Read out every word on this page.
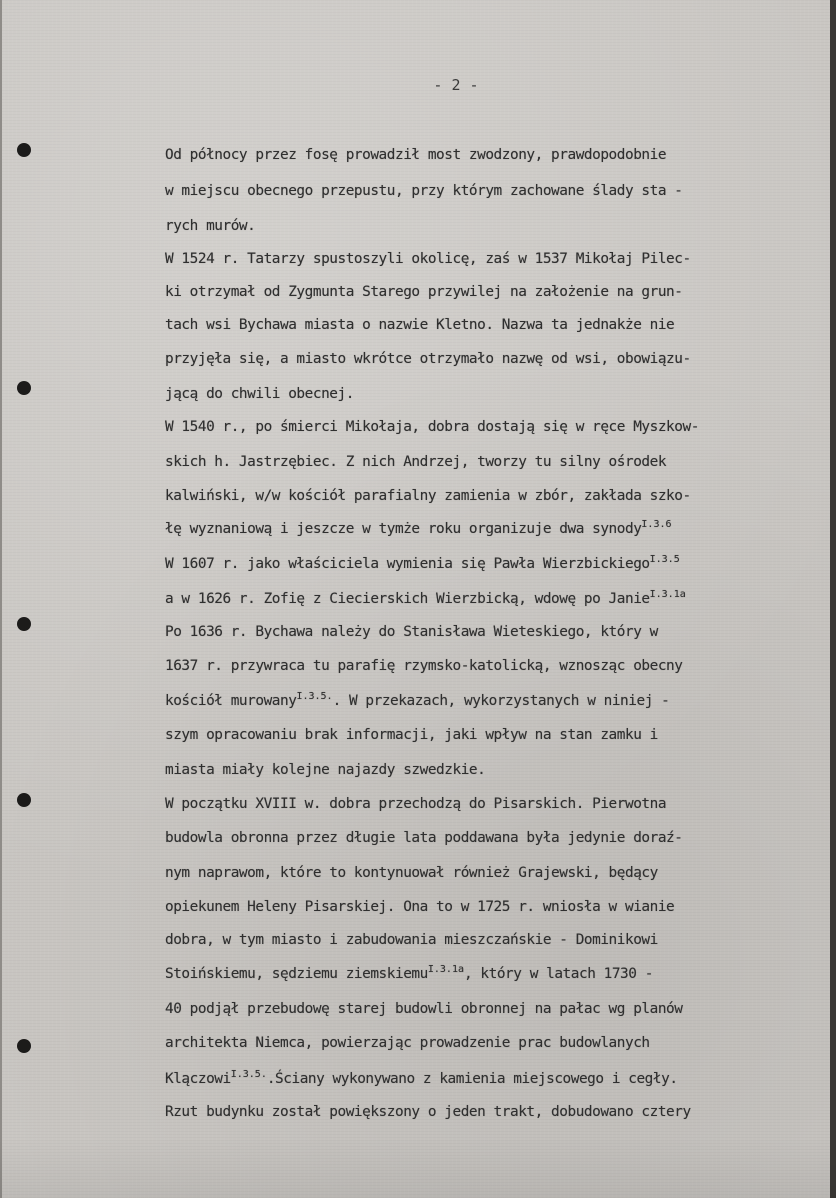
- 2 -
Od północy przez fosę prowadził most zwodzony, prawdopodobnie
w miejscu obecnego przepustu, przy którym zachowane ślady sta -
rych murów.
W 1524 r. Tatarzy spustoszyli okolicę, zaś w 1537 Mikołaj Pilec-
ki otrzymał od Zygmunta Starego przywilej na założenie na grun-
tach wsi Bychawa miasta o nazwie Kletno. Nazwa ta jednakże nie
przyjęła się, a miasto wkrótce otrzymało nazwę od wsi, obowiązu-
jącą do chwili obecnej.
W 1540 r., po śmierci Mikołaja, dobra dostają się w ręce Myszkow-
skich h. Jastrzębiec. Z nich Andrzej, tworzy tu silny ośrodek
kalwiński, w/w kościół parafialny zamienia w zbór, zakłada szko-
łę wyznaniową i jeszcze w tymże roku organizuje dwa synody$^{I.3.6}$
W 1607 r. jako właściciela wymienia się Pawła Wierzbickiego$^{I.3.5}$
a w 1626 r. Zofię z Ciecierskich Wierzbicką, wdowę po Janie$^{I.3.1a}$
Po 1636 r. Bychawa należy do Stanisława Wieteskiego, który w
1637 r. przywraca tu parafię rzymsko-katolicką, wznosząc obecny
kościół murowany$^{I.3.5.}$. W przekazach, wykorzystanych w niniej -
szym opracowaniu brak informacji, jaki wpływ na stan zamku i
miasta miały kolejne najazdy szwedzkie.
W początku XVIII w. dobra przechodzą do Pisarskich. Pierwotna
budowla obronna przez długie lata poddawana była jedynie doraź-
nym naprawom, które to kontynuował również Grajewski, będący
opiekunem Heleny Pisarskiej. Ona to w 1725 r. wniosła w wianie
dobra, w tym miasto i zabudowania mieszczańskie - Dominikowi
Stoińskiemu, sędziemu ziemskiemu$^{I.3.1a}$, który w latach 1730 -
40 podjął przebudowę starej budowli obronnej na pałac wg planów
architekta Niemca, powierzając prowadzenie prac budowlanych
Klączowi$^{I.3.5.}$.Ściany wykonywano z kamienia miejscowego i cegły.
Rzut budynku został powiększony o jeden trakt, dobudowano cztery
